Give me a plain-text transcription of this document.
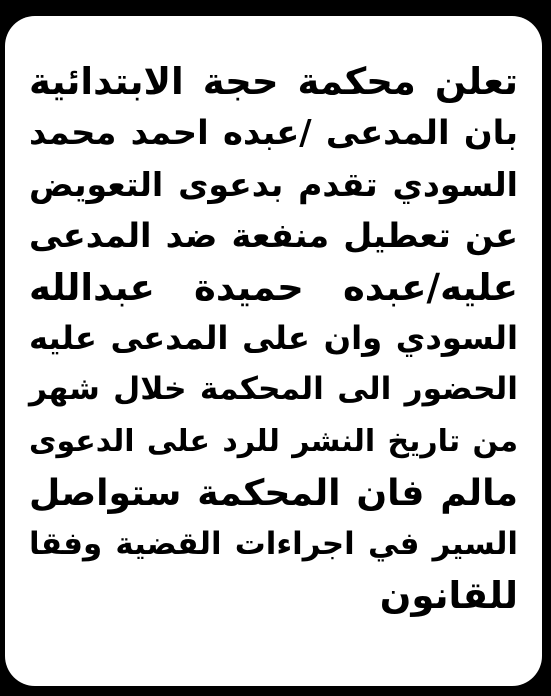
تعلن محكمة حجة الابتدائية
بان المدعى /عبده احمد محمد
السودي تقدم بدعوى التعويض
عن تعطيل منفعة ضد المدعى
عليه/عبده حميدة عبدالله
السودي وان على المدعى عليه
الحضور الى المحكمة خلال شهر
من تاريخ النشر للرد على الدعوى
مالم فان المحكمة ستواصل
السير في اجراءات القضية وفقا
للقانون
